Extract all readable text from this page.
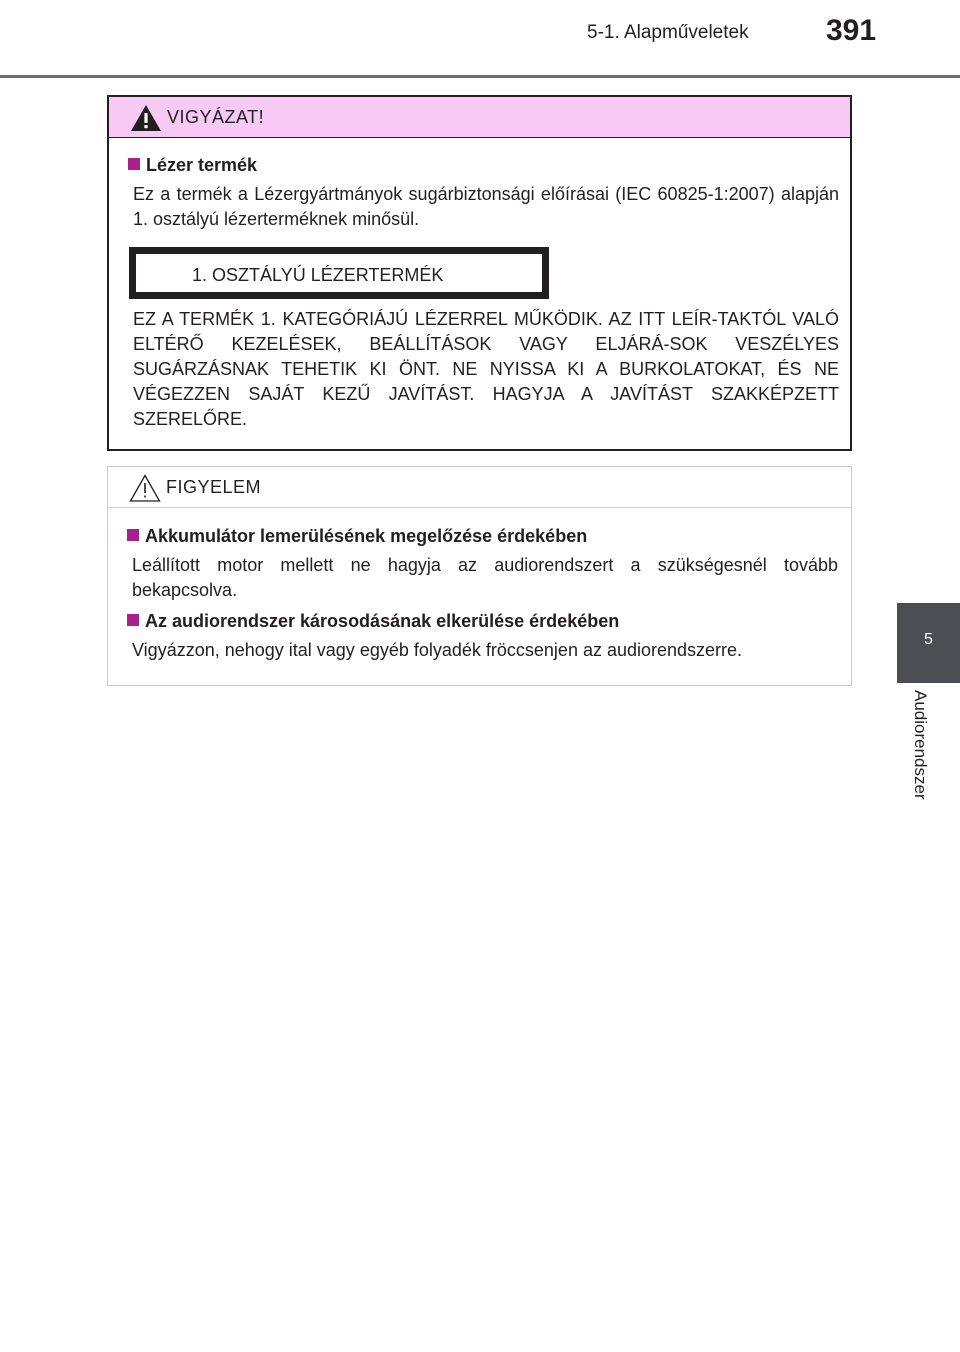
5-1. Alapműveletek	391
5
Audiorendszer
VIGYÁZAT!
Lézer termék
Ez a termék a Lézergyártmányok sugárbiztonsági előírásai (IEC 60825-1:2007) alapján 1. osztályú lézerterméknek minősül.
1. OSZTÁLYÚ LÉZERTERMÉK
EZ A TERMÉK 1. KATEGÓRIÁJÚ LÉZERREL MŰKÖDIK. AZ ITT LEÍR-TAKTÓL VALÓ ELTÉRŐ KEZELÉSEK, BEÁLLÍTÁSOK VAGY ELJÁRÁ-SOK VESZÉLYES SUGÁRZÁSNAK TEHETIK KI ÖNT. NE NYISSA KI A BURKOLATOKAT, ÉS NE VÉGEZZEN SAJÁT KEZŰ JAVÍTÁST. HAGYJA A JAVÍTÁST SZAKKÉPZETT SZERELŐRE.
FIGYELEM
Akkumulátor lemerülésének megelőzése érdekében
Leállított motor mellett ne hagyja az audiorendszert a szükségesnél tovább bekapcsolva.
Az audiorendszer károsodásának elkerülése érdekében
Vigyázzon, nehogy ital vagy egyéb folyadék fröccsenjen az audiorendszerre.
